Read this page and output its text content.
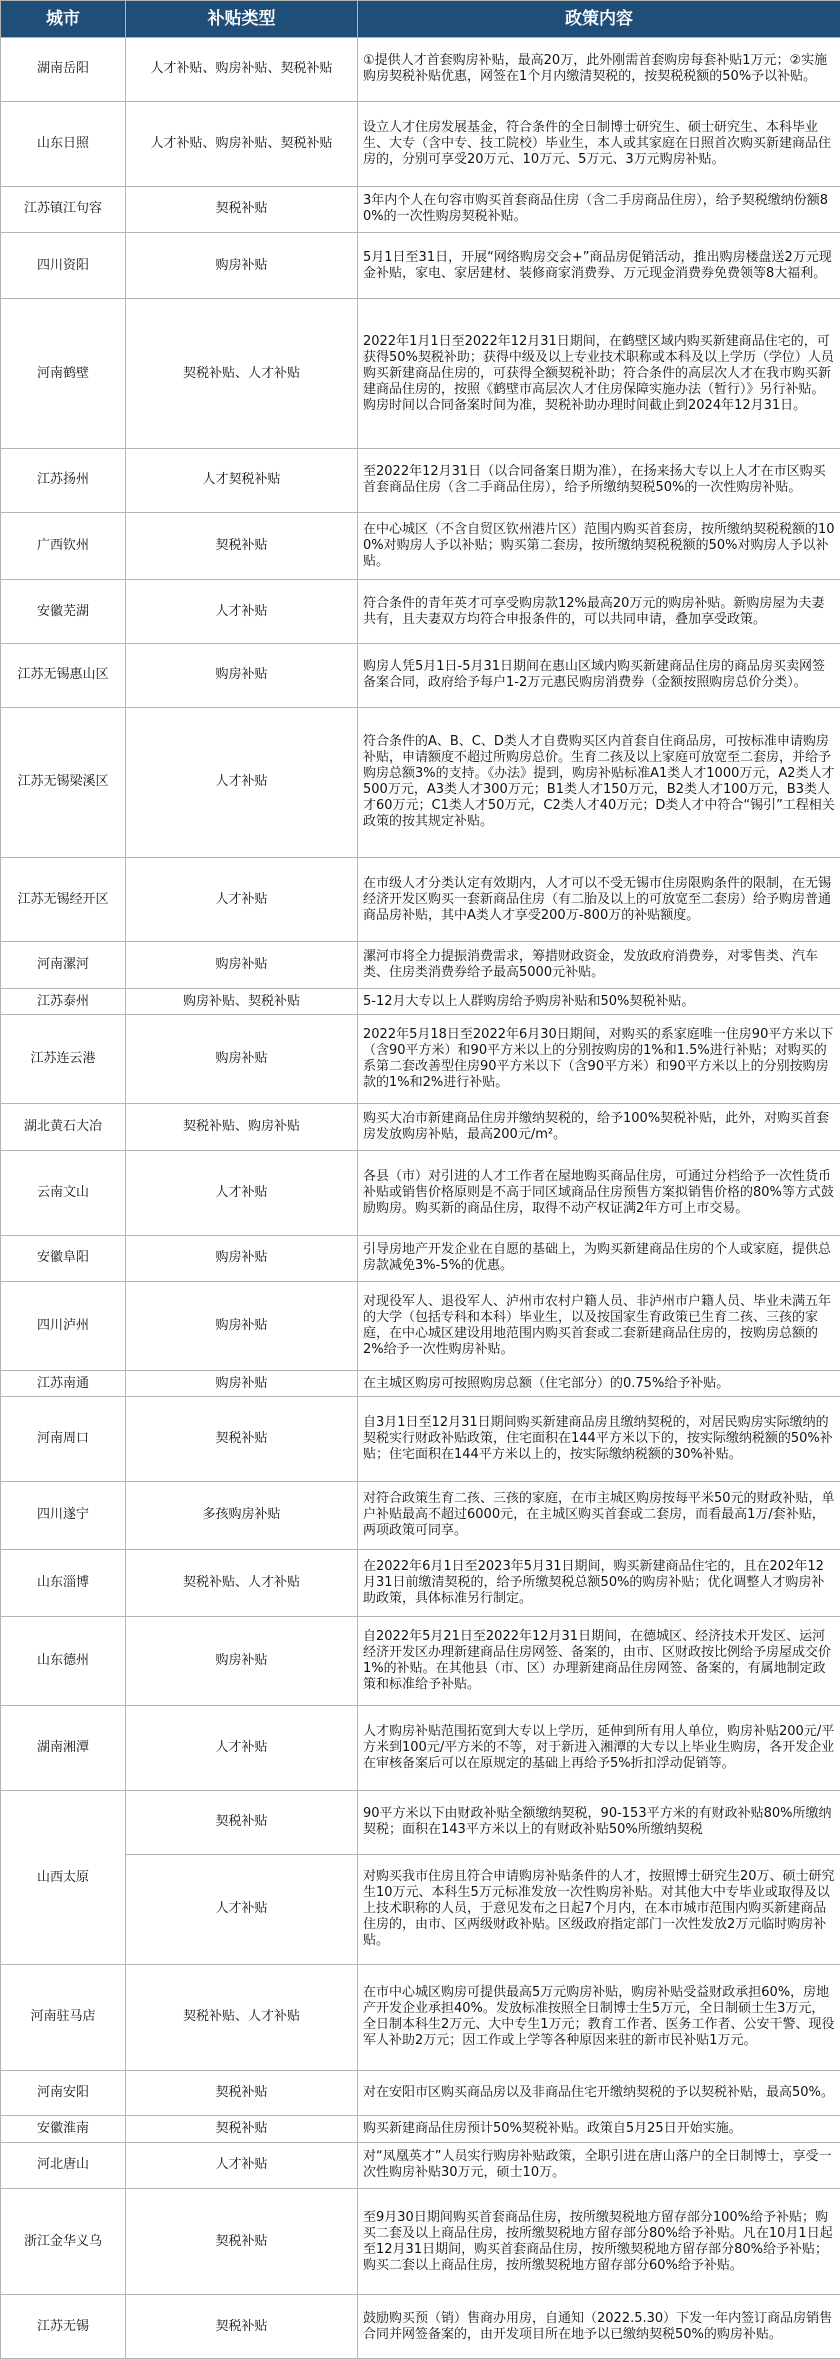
城市	补贴类型	政策内容
湖南岳阳	人才补贴、购房补贴、契税补贴	①提供人才首套购房补贴，最高20万，此外刚需首套购房每套补贴1万元；②实施购房契税补贴优惠，网签在1个月内缴清契税的，按契税税额的50%予以补贴。
山东日照	人才补贴、购房补贴、契税补贴	设立人才住房发展基金，符合条件的全日制博士研究生、硕士研究生、本科毕业生、大专（含中专、技工院校）毕业生，本人或其家庭在日照首次购买新建商品住房的，分别可享受20万元、10万元、5万元、3万元购房补贴。
江苏镇江句容	契税补贴	3年内个人在句容市购买首套商品住房（含二手房商品住房），给予契税缴纳份额80%的一次性购房契税补贴。
四川资阳	购房补贴	5月1日至31日，开展“网络购房交会+”商品房促销活动，推出购房楼盘送2万元现金补贴，家电、家居建材、装修商家消费券、万元现金消费券免费领等8大福利。
河南鹤壁	契税补贴、人才补贴	2022年1月1日至2022年12月31日期间，在鹤壁区域内购买新建商品住宅的，可获得50%契税补助；获得中级及以上专业技术职称或本科及以上学历（学位）人员购买新建商品住房的，可获得全额契税补助；符合条件的高层次人才在我市购买新建商品住房的，按照《鹤壁市高层次人才住房保障实施办法（暂行）》另行补贴。购房时间以合同备案时间为准，契税补助办理时间截止到2024年12月31日。
江苏扬州	人才契税补贴	至2022年12月31日（以合同备案日期为准），在扬来扬大专以上人才在市区购买首套商品住房（含二手商品住房），给予所缴纳契税50%的一次性购房补贴。
广西钦州	契税补贴	在中心城区（不含自贸区钦州港片区）范围内购买首套房，按所缴纳契税税额的100%对购房人予以补贴；购买第二套房，按所缴纳契税税额的50%对购房人予以补贴。
安徽芜湖	人才补贴	符合条件的青年英才可享受购房款12%最高20万元的购房补贴。新购房屋为夫妻共有，且夫妻双方均符合申报条件的，可以共同申请，叠加享受政策。
江苏无锡惠山区	购房补贴	购房人凭5月1日-5月31日期间在惠山区域内购买新建商品住房的商品房买卖网签备案合同，政府给予每户1-2万元惠民购房消费券（金额按照购房总价分类）。
江苏无锡梁溪区	人才补贴	符合条件的A、B、C、D类人才自费购买区内首套自住商品房，可按标准申请购房补贴，申请额度不超过所购房总价。生育二孩及以上家庭可放宽至二套房，并给予购房总额3%的支持。《办法》提到，购房补贴标准A1类人才1000万元，A2类人才500万元，A3类人才300万元；B1类人才150万元，B2类人才100万元，B3类人才60万元；C1类人才50万元，C2类人才40万元；D类人才中符合“锡引”工程相关政策的按其规定补贴。
江苏无锡经开区	人才补贴	在市级人才分类认定有效期内，人才可以不受无锡市住房限购条件的限制，在无锡经济开发区购买一套新商品住房（有二胎及以上的可放宽至二套房）给予购房普通商品房补贴，其中A类人才享受200万-800万的补贴额度。
河南漯河	购房补贴	漯河市将全力提振消费需求，筹措财政资金，发放政府消费券，对零售类、汽车类、住房类消费券给予最高5000元补贴。
江苏泰州	购房补贴、契税补贴	5-12月大专以上人群购房给予购房补贴和50%契税补贴。
江苏连云港	购房补贴	2022年5月18日至2022年6月30日期间，对购买的系家庭唯一住房90平方米以下（含90平方米）和90平方米以上的分别按购房的1%和1.5%进行补贴；对购买的系第二套改善型住房90平方米以下（含90平方米）和90平方米以上的分别按购房款的1%和2%进行补贴。
湖北黄石大冶	契税补贴、购房补贴	购买大冶市新建商品住房并缴纳契税的，给予100%契税补贴，此外，对购买首套房发放购房补贴，最高200元/m²。
云南文山	人才补贴	各县（市）对引进的人才工作者在屋地购买商品住房，可通过分档给予一次性货币补贴或销售价格原则是不高于同区域商品住房预售方案拟销售价格的80%等方式鼓励购房。购买新的商品住房，取得不动产权证满2年方可上市交易。
安徽阜阳	购房补贴	引导房地产开发企业在自愿的基础上，为购买新建商品住房的个人或家庭，提供总房款减免3%-5%的优惠。
四川泸州	购房补贴	对现役军人、退役军人、泸州市农村户籍人员、非泸州市户籍人员、毕业未满五年的大学（包括专科和本科）毕业生，以及按国家生育政策已生育二孩、三孩的家庭，在中心城区建设用地范围内购买首套或二套新建商品住房的，按购房总额的2%给予一次性购房补贴。
江苏南通	购房补贴	在主城区购房可按照购房总额（住宅部分）的0.75%给予补贴。
河南周口	契税补贴	自3月1日至12月31日期间购买新建商品房且缴纳契税的，对居民购房实际缴纳的契税实行财政补贴政策，住宅面积在144平方米以下的，按实际缴纳税额的50%补贴；住宅面积在144平方米以上的，按实际缴纳税额的30%补贴。
四川遂宁	多孩购房补贴	对符合政策生育二孩、三孩的家庭，在市主城区购房按每平米50元的财政补贴，单户补贴最高不超过6000元，在主城区购买首套或二套房，而看最高1万/套补贴，两项政策可同享。
山东淄博	契税补贴、人才补贴	在2022年6月1日至2023年5月31日期间，购买新建商品住宅的，且在202年12月31日前缴清契税的，给予所缴契税总额50%的购房补贴；优化调整人才购房补助政策，具体标准另行制定。
山东德州	购房补贴	自2022年5月21日至2022年12月31日期间，在德城区、经济技术开发区、运河经济开发区办理新建商品住房网签、备案的，由市、区财政按比例给予房屋成交价1%的补贴。在其他县（市、区）办理新建商品住房网签、备案的，有属地制定政策和标准给予补贴。
湖南湘潭	人才补贴	人才购房补贴范围拓宽到大专以上学历，延伸到所有用人单位，购房补贴200元/平方米到100元/平方米的不等，对于新进入湘潭的大专以上毕业生购房，各开发企业在审核备案后可以在原规定的基础上再给予5%折扣浮动促销等。
山西太原	契税补贴	90平方米以下由财政补贴全额缴纳契税，90-153平方米的有财政补贴80%所缴纳契税；面积在143平方米以上的有财政补贴50%所缴纳契税
	人才补贴	对购买我市住房且符合申请购房补贴条件的人才，按照博士研究生20万、硕士研究生10万元、本科生5万元标准发放一次性购房补贴。对其他大中专毕业或取得及以上技术职称的人员，于意见发布之日起7个月内，在本市城市范围内购买新建商品住房的，由市、区两级财政补贴。区级政府指定部门一次性发放2万元临时购房补贴。
河南驻马店	契税补贴、人才补贴	在市中心城区购房可提供最高5万元购房补贴，购房补贴受益财政承担60%，房地产开发企业承担40%。发放标准按照全日制博士生5万元，全日制硕士生3万元，全日制本科生2万元、大中专生1万元；教育工作者、医务工作者、公安干警、现役军人补助2万元；因工作或上学等各种原因来驻的新市民补贴1万元。
河南安阳	契税补贴	对在安阳市区购买商品房以及非商品住宅开缴纳契税的予以契税补贴，最高50%。
安徽淮南	契税补贴	购买新建商品住房预计50%契税补贴。政策自5月25日开始实施。
河北唐山	人才补贴	对“凤凰英才”人员实行购房补贴政策，全职引进在唐山落户的全日制博士，享受一次性购房补贴30万元，硕士10万。
浙江金华义乌	契税补贴	至9月30日期间购买首套商品住房，按所缴契税地方留存部分100%给予补贴；购买二套及以上商品住房，按所缴契税地方留存部分80%给予补贴。凡在10月1日起至12月31日期间，购买首套商品住房，按所缴契税地方留存部分80%给予补贴；购买二套以上商品住房，按所缴契税地方留存部分60%给予补贴。
江苏无锡	契税补贴	鼓励购买预（销）售商办用房，自通知（2022.5.30）下发一年内签订商品房销售合同并网签备案的，由开发项目所在地予以已缴纳契税50%的购房补贴。
